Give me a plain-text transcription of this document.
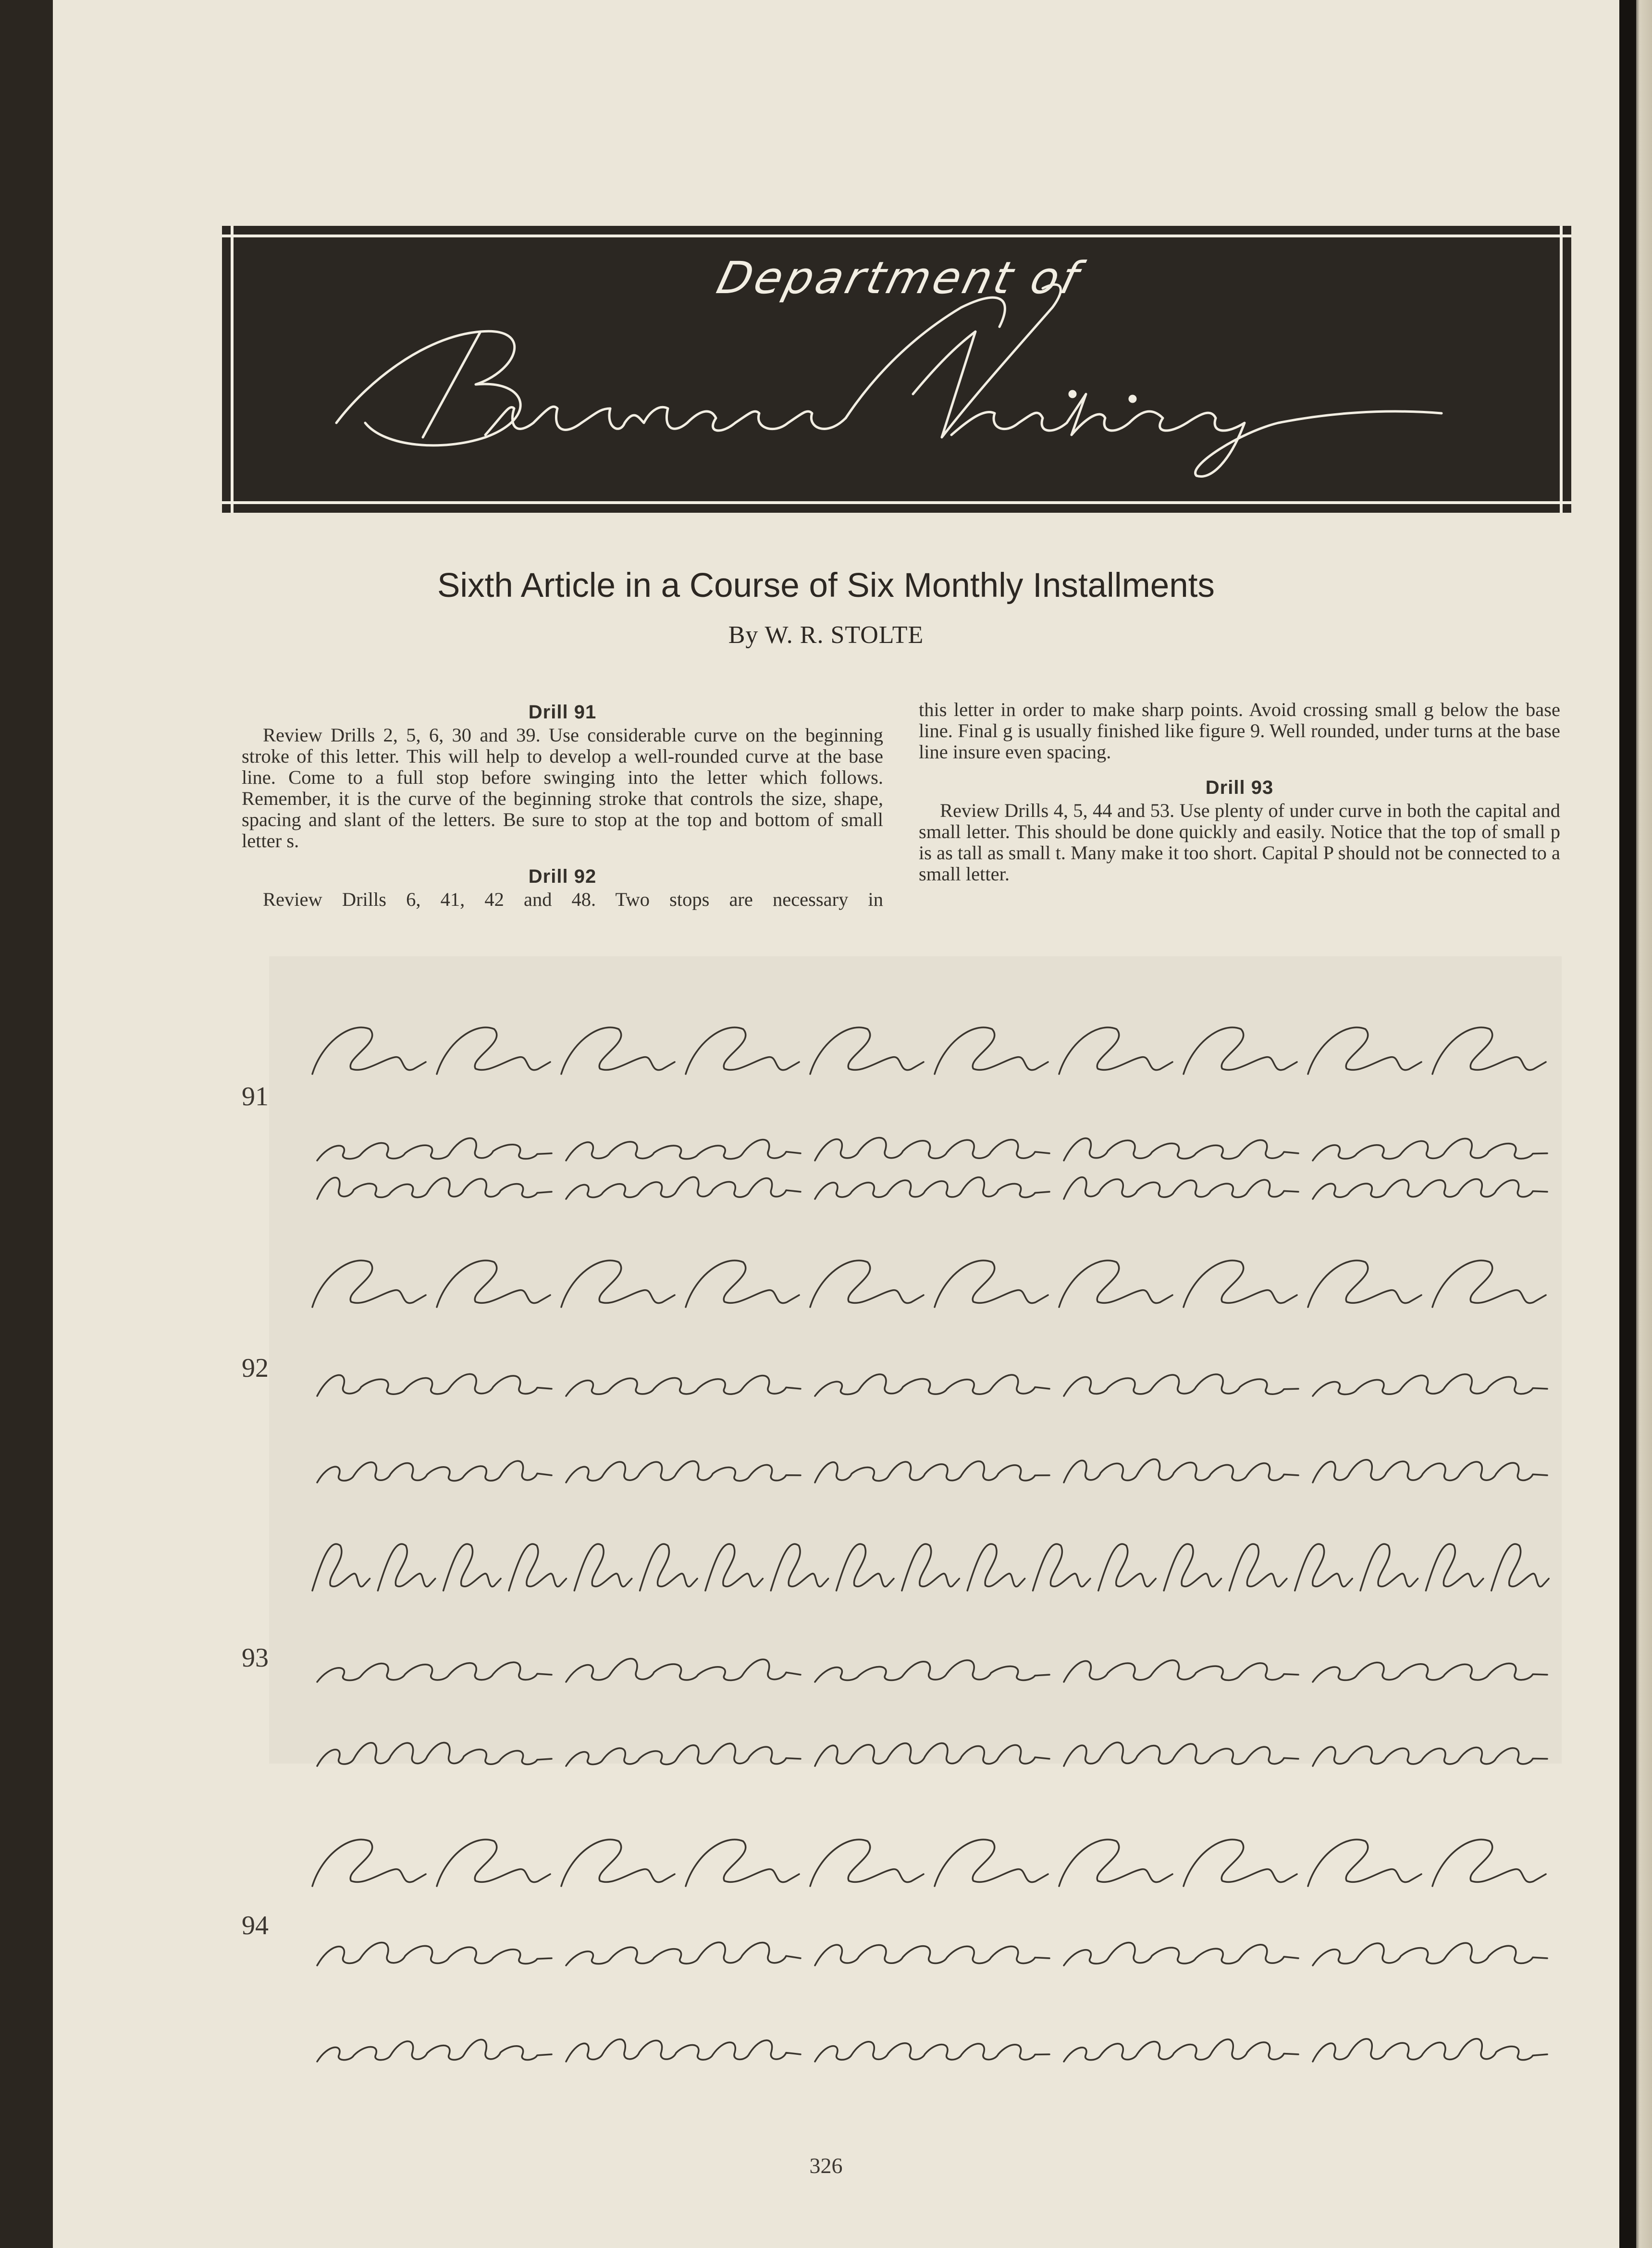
Department of
Sixth Article in a Course of Six Monthly Installments
By W. R. STOLTE
Drill 91

Review Drills 2, 5, 6, 30 and 39. Use considerable curve on the beginning stroke of this letter. This will help to develop a well-rounded curve at the base line. Come to a full stop before swinging into the letter which follows. Remember, it is the curve of the beginning stroke that controls the size, shape, spacing and slant of the letters. Be sure to stop at the top and bottom of small letter s.

Drill 92

Review Drills 6, 41, 42 and 48. Two stops are necessary in

this letter in order to make sharp points. Avoid crossing small g below the base line. Final g is usually finished like figure 9. Well rounded, under turns at the base line insure even spacing.

Drill 93

Review Drills 4, 5, 44 and 53. Use plenty of under curve in both the capital and small letter. This should be done quickly and easily. Notice that the top of small p is as tall as small t. Many make it too short. Capital P should not be connected to a small letter.

91
92
93
94
326
